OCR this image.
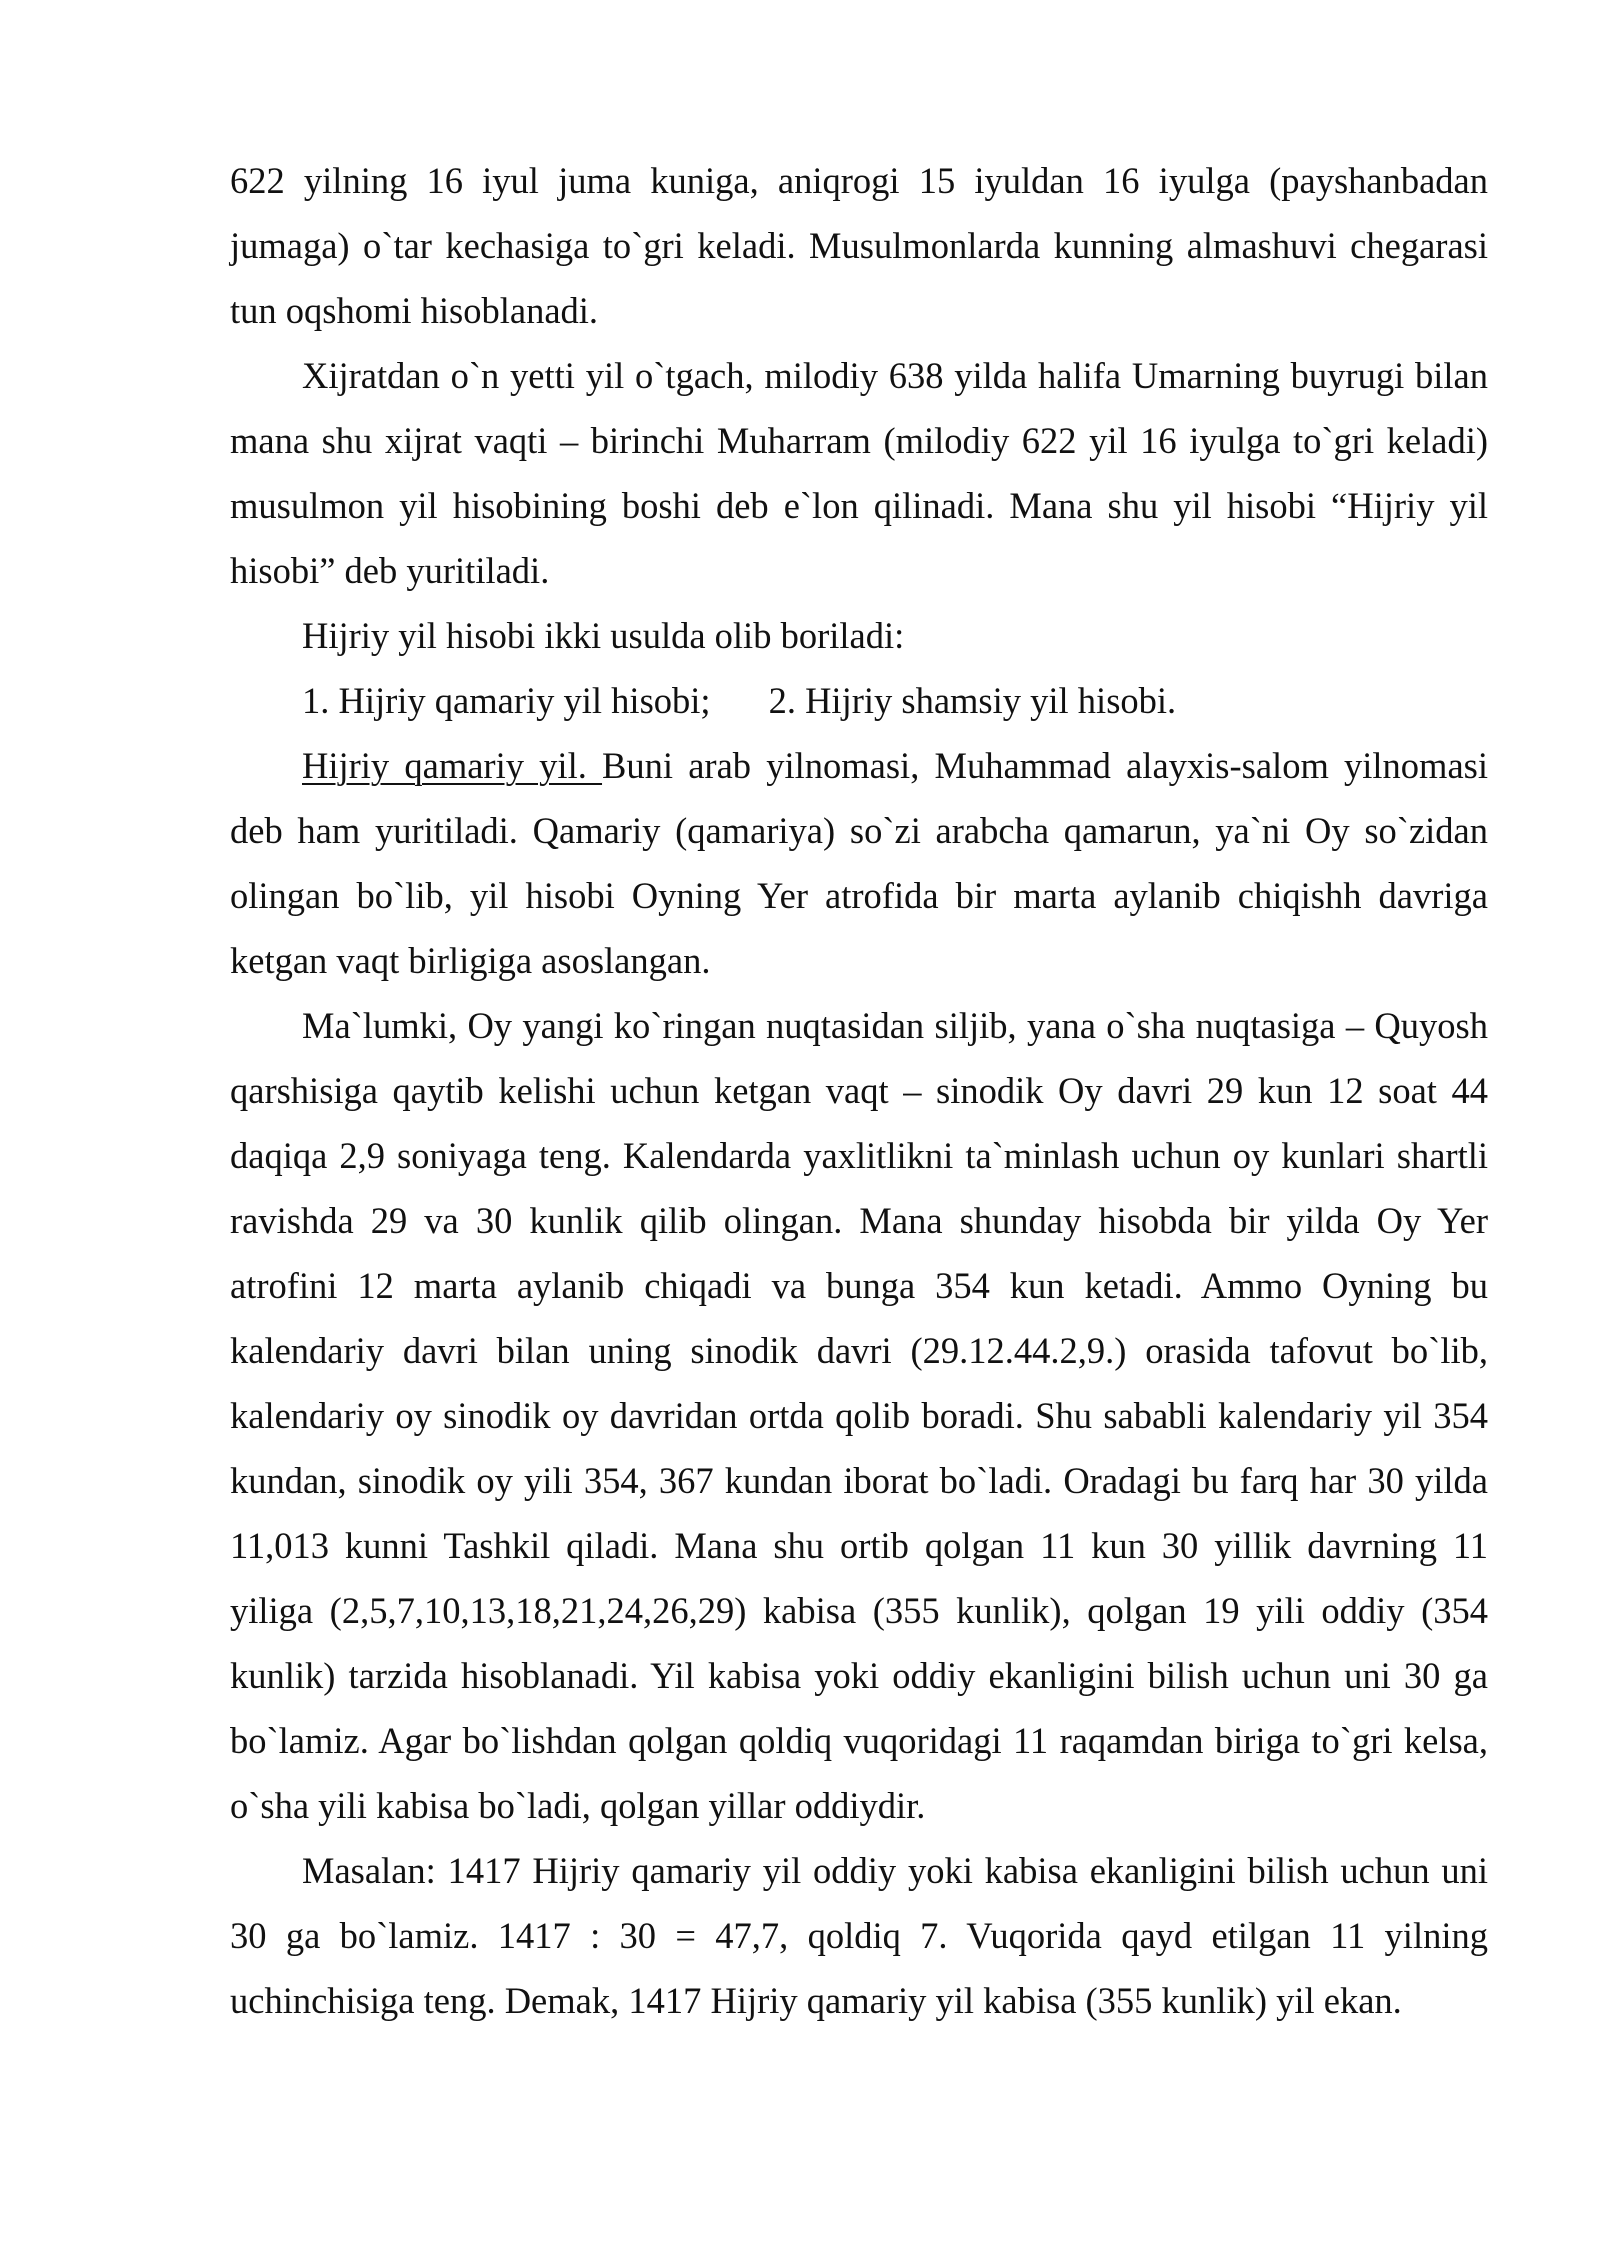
622 yilning 16 iyul juma kuniga, aniqrogi 15 iyuldan 16 iyulga (payshanbadan jumaga) o`tar kechasiga to`gri keladi. Musulmonlarda kunning almashuvi chegarasi tun oqshomi hisoblanadi.

Xijratdan o`n yetti yil o`tgach, milodiy 638 yilda halifa Umarning buyrugi bilan mana shu xijrat vaqti – birinchi Muharram (milodiy 622 yil 16 iyulga to`gri keladi) musulmon yil hisobining boshi deb e`lon qilinadi. Mana shu yil hisobi “Hijriy yil hisobi” deb yuritiladi.

Hijriy yil hisobi ikki usulda olib boriladi:

1. Hijriy qamariy yil hisobi; 2. Hijriy shamsiy yil hisobi.

Hijriy qamariy yil. Buni arab yilnomasi, Muhammad alayxis-salom yilnomasi deb ham yuritiladi. Qamariy (qamariya) so`zi arabcha qamarun, ya`ni Oy so`zidan olingan bo`lib, yil hisobi Oyning Yer atrofida bir marta aylanib chiqishh davriga ketgan vaqt birligiga asoslangan.

Ma`lumki, Oy yangi ko`ringan nuqtasidan siljib, yana o`sha nuqtasiga – Quyosh qarshisiga qaytib kelishi uchun ketgan vaqt – sinodik Oy davri 29 kun 12 soat 44 daqiqa 2,9 soniyaga teng. Kalendarda yaxlitlikni ta`minlash uchun oy kunlari shartli ravishda 29 va 30 kunlik qilib olingan. Mana shunday hisobda bir yilda Oy Yer atrofini 12 marta aylanib chiqadi va bunga 354 kun ketadi. Ammo Oyning bu kalendariy davri bilan uning sinodik davri (29.12.44.2,9.) orasida tafovut bo`lib, kalendariy oy sinodik oy davridan ortda qolib boradi. Shu sababli kalendariy yil 354 kundan, sinodik oy yili 354, 367 kundan iborat bo`ladi. Oradagi bu farq har 30 yilda 11,013 kunni Tashkil qiladi. Mana shu ortib qolgan 11 kun 30 yillik davrning 11 yiliga (2,5,7,10,13,18,21,24,26,29) kabisa (355 kunlik), qolgan 19 yili oddiy (354 kunlik) tarzida hisoblanadi. Yil kabisa yoki oddiy ekanligini bilish uchun uni 30 ga bo`lamiz. Agar bo`lishdan qolgan qoldiq vuqoridagi 11 raqamdan biriga to`gri kelsa, o`sha yili kabisa bo`ladi, qolgan yillar oddiydir.

Masalan: 1417 Hijriy qamariy yil oddiy yoki kabisa ekanligini bilish uchun uni 30 ga bo`lamiz. 1417 : 30 = 47,7, qoldiq 7. Vuqorida qayd etilgan 11 yilning uchinchisiga teng. Demak, 1417 Hijriy qamariy yil kabisa (355 kunlik) yil ekan.
